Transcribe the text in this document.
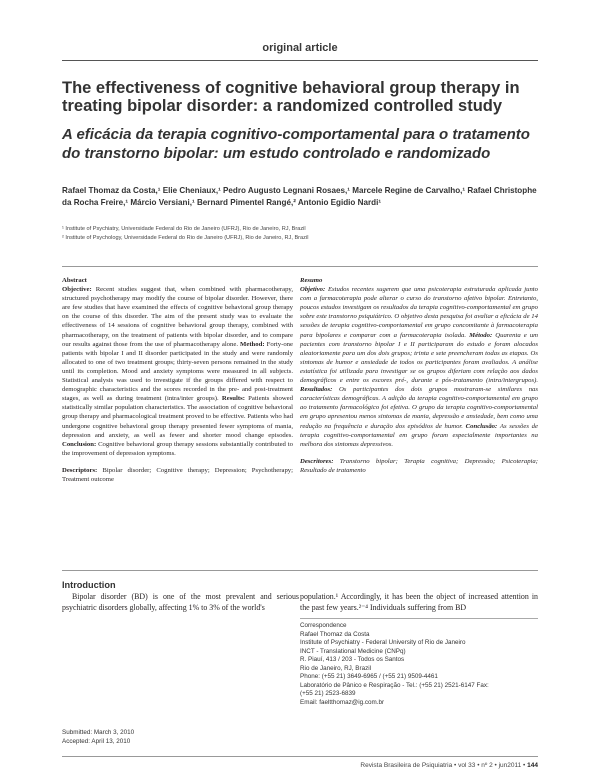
original article
The effectiveness of cognitive behavioral group therapy in treating bipolar disorder: a randomized controlled study
A eficácia da terapia cognitivo-comportamental para o tratamento do transtorno bipolar: um estudo controlado e randomizado
Rafael Thomaz da Costa,¹ Elie Cheniaux,¹ Pedro Augusto Legnani Rosaes,¹ Marcele Regine de Carvalho,¹ Rafael Christophe da Rocha Freire,¹ Márcio Versiani,¹ Bernard Pimentel Rangé,² Antonio Egidio Nardi¹
¹ Institute of Psychiatry, Universidade Federal do Rio de Janeiro (UFRJ), Rio de Janeiro, RJ, Brazil
² Institute of Psychology, Universidade Federal do Rio de Janeiro (UFRJ), Rio de Janeiro, RJ, Brazil
Abstract
Objective: Recent studies suggest that, when combined with pharmacotherapy, structured psychotherapy may modify the course of bipolar disorder. However, there are few studies that have examined the effects of cognitive behavioral group therapy on the course of this disorder. The aim of the present study was to evaluate the effectiveness of 14 sessions of cognitive behavioral group therapy, combined with pharmacotherapy, on the treatment of patients with bipolar disorder, and to compare our results against those from the use of pharmacotherapy alone. Method: Forty-one patients with bipolar I and II disorder participated in the study and were randomly allocated to one of two treatment groups; thirty-seven persons remained in the study until its completion. Mood and anxiety symptoms were measured in all subjects. Statistical analysis was used to investigate if the groups differed with respect to demographic characteristics and the scores recorded in the pre- and post-treatment stages, as well as during treatment (intra/inter groups). Results: Patients showed statistically similar population characteristics. The association of cognitive behavioral group therapy and pharmacological treatment proved to be effective. Patients who had undergone cognitive behavioral group therapy presented fewer symptoms of mania, depression and anxiety, as well as fewer and shorter mood change episodes. Conclusion: Cognitive behavioral group therapy sessions substantially contributed to the improvement of depression symptoms.
Descriptors: Bipolar disorder; Cognitive therapy; Depression; Psychotherapy; Treatment outcome
Resumo
Objetivo: Estudos recentes sugerem que uma psicoterapia estruturada aplicada junto com a farmacoterapia pode alterar o curso do transtorno afetivo bipolar. Entretanto, poucos estudos investigam os resultados da terapia cognitivo-comportamental em grupo sobre este transtorno psiquiátrico. O objetivo desta pesquisa foi avaliar a eficácia de 14 sessões de terapia cognitivo-comportamental em grupo concomitante à farmacoterapia para bipolares e comparar com a farmacoterapia isolada. Método: Quarenta e um pacientes com transtorno bipolar I e II participaram do estudo e foram alocados aleatoriamente para um dos dois grupos; trinta e sete preencheram todas as etapas. Os sintomas de humor e ansiedade de todos os participantes foram avaliados. A análise estatística foi utilizada para investigar se os grupos diferiam com relação aos dados demográficos e entre os escores pré-, durante e pós-tratamento (intra/intergrupos). Resultados: Os participantes dos dois grupos mostraram-se similares nas características demográficas. A adição da terapia cognitivo-comportamental em grupo ao tratamento farmacológico foi efetiva. O grupo da terapia cognitivo-comportamental em grupo apresentou menos sintomas de mania, depressão e ansiedade, bem como uma redução na frequência e duração dos episódios de humor. Conclusão: As sessões de terapia cognitivo-comportamental em grupo foram especialmente importantes na melhora dos sintomas depressivos.
Descritores: Transtorno bipolar; Terapia cognitiva; Depressão; Psicoterapia; Resultado de tratamento
Introduction
Bipolar disorder (BD) is one of the most prevalent and serious psychiatric disorders globally, affecting 1% to 3% of the world's
population.¹ Accordingly, it has been the object of increased attention in the past few years.²⁻⁴ Individuals suffering from BD
Correspondence
Rafael Thomaz da Costa
Institute of Psychiatry - Federal University of Rio de Janeiro
INCT - Translational Medicine (CNPq)
R. Piauí, 413 / 203 - Todos os Santos
Rio de Janeiro, RJ, Brazil
Phone: (+55 21) 3649-6965 / (+55 21) 9509-4461
Laboratório de Pânico e Respiração - Tel.: (+55 21) 2521-6147 Fax:
(+55 21) 2523-6839
Email: faeltthomaz@ig.com.br
Submitted: March 3, 2010
Accepted: April 13, 2010
Revista Brasileira de Psiquiatria • vol 33 • nº 2 • jun2011 • 144
